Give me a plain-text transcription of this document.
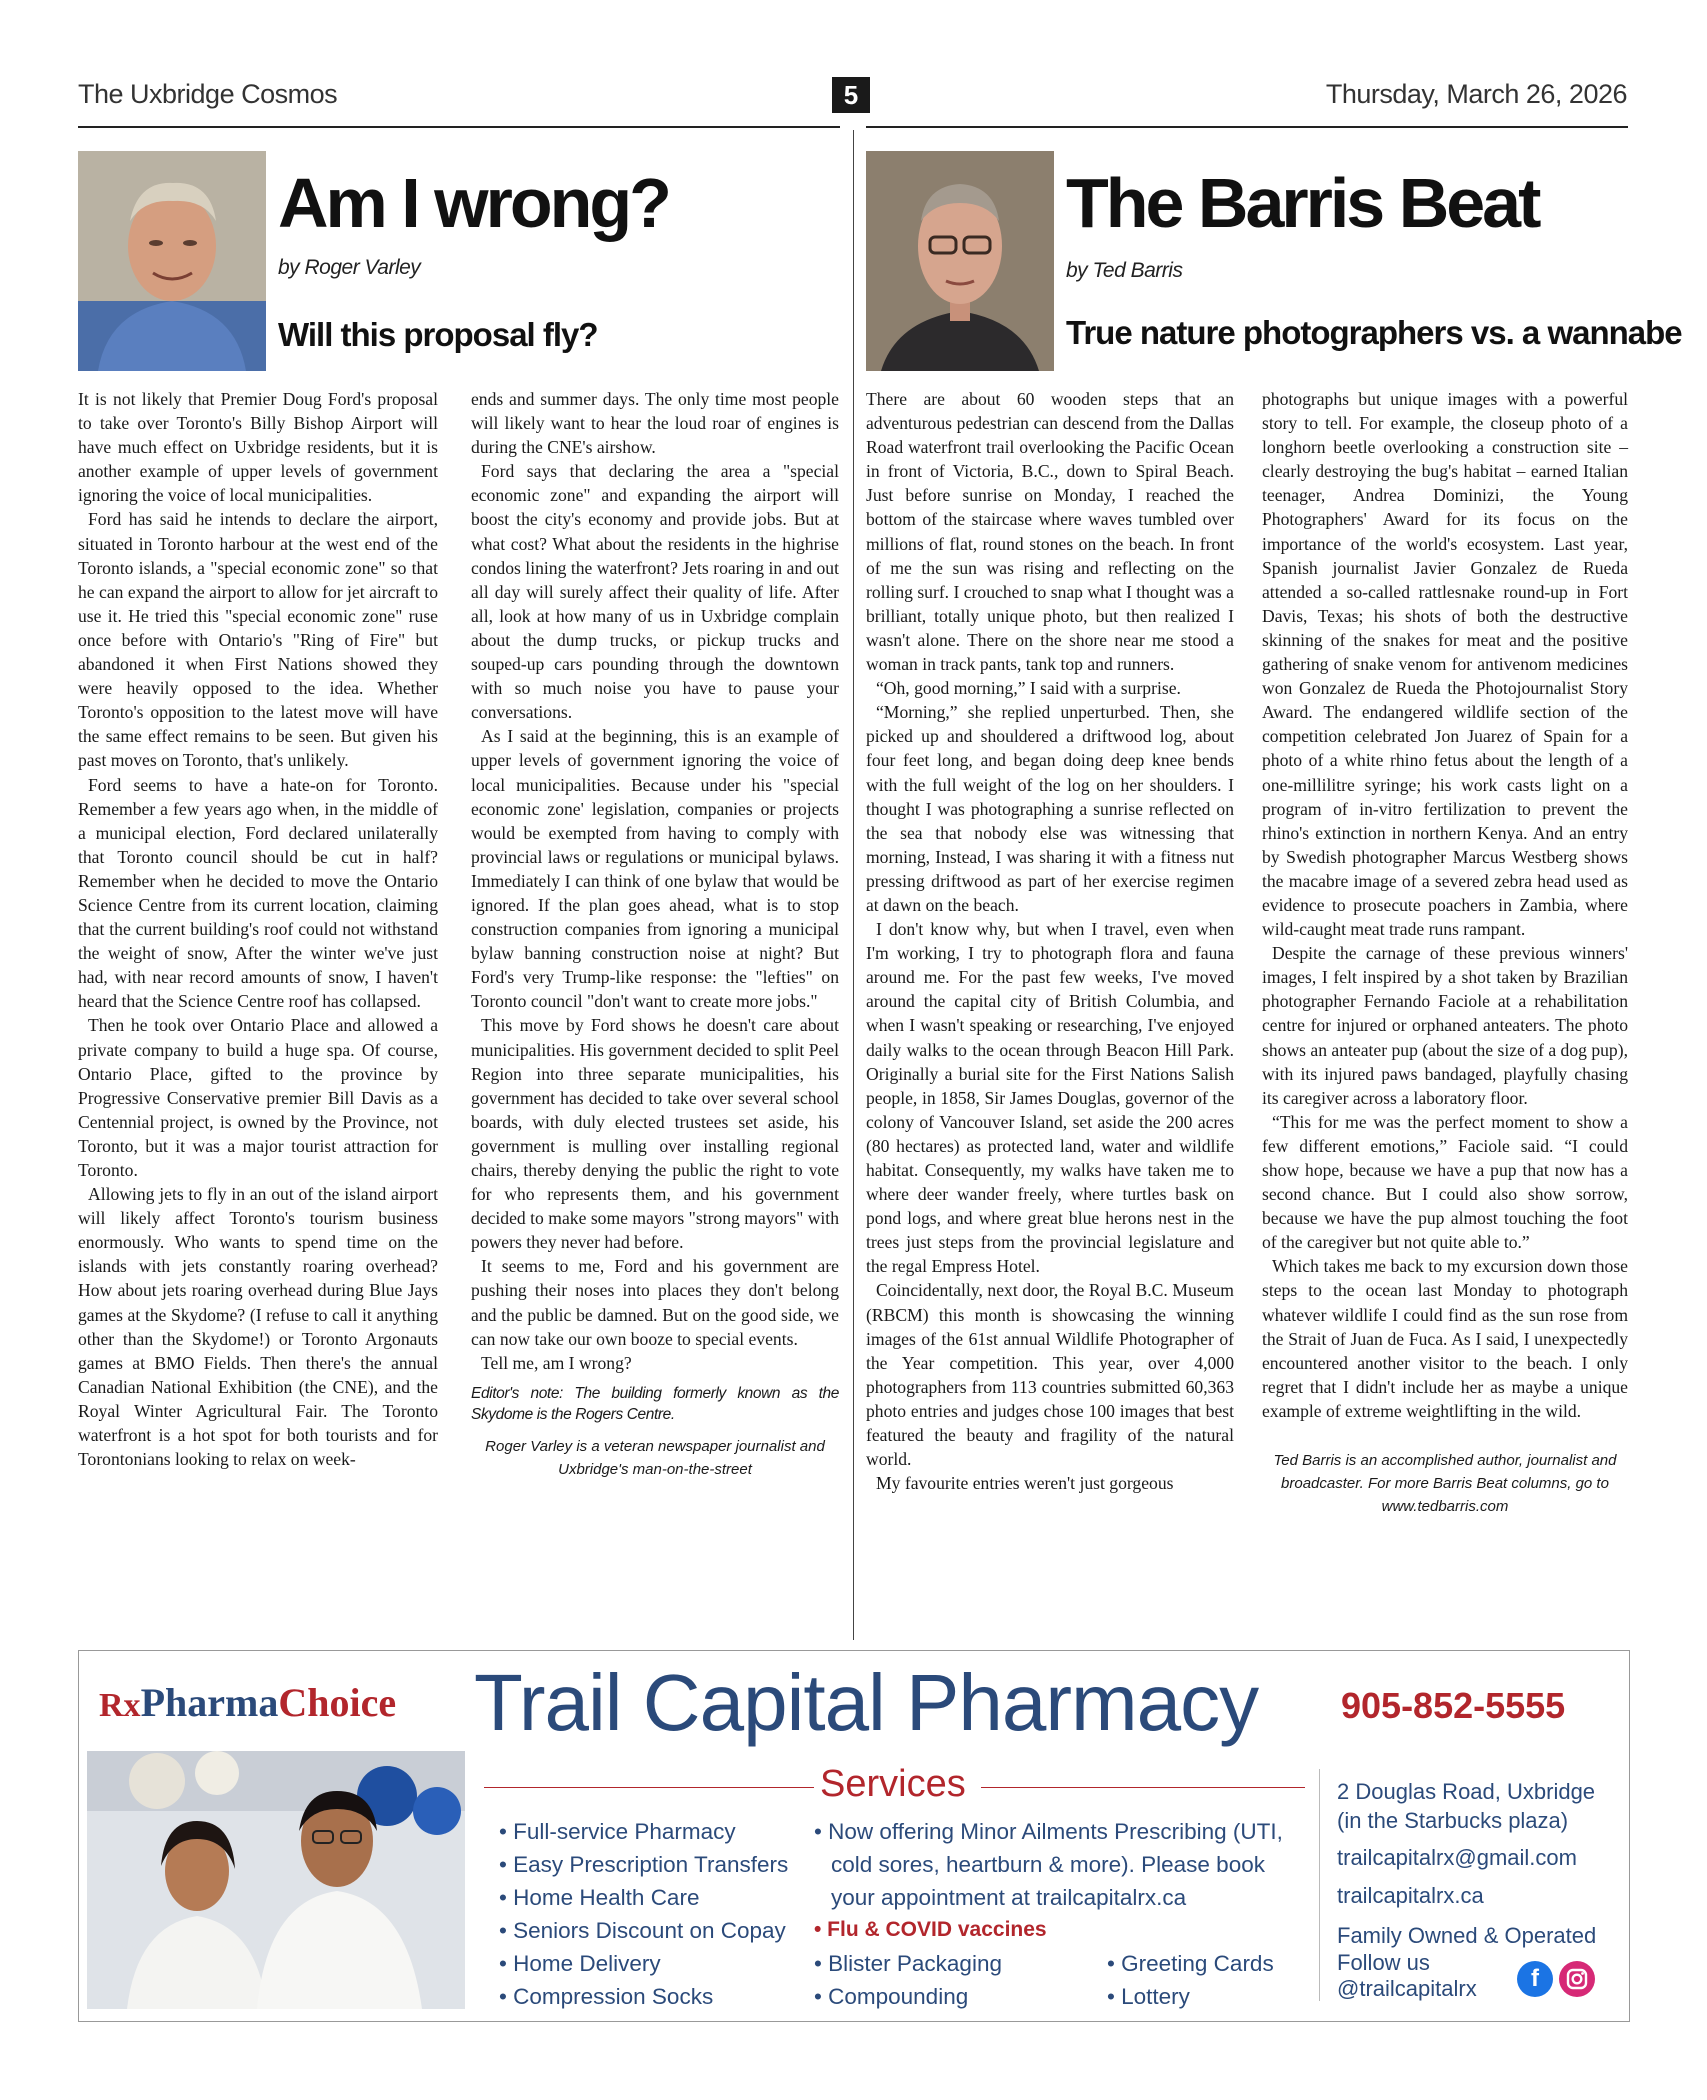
The Uxbridge Cosmos	5	Thursday, March 26, 2026
Am I wrong?
by Roger Varley
Will this proposal fly?

It is not likely that Premier Doug Ford's proposal to take over Toronto's Billy Bishop Airport will have much effect on Uxbridge residents, but it is another example of upper levels of government ignoring the voice of local municipalities.

Ford has said he intends to declare the airport, situated in Toronto harbour at the west end of the Toronto islands, a "special economic zone" so that he can expand the airport to allow for jet aircraft to use it. He tried this "special economic zone" ruse once before with Ontario's "Ring of Fire" but abandoned it when First Nations showed they were heavily opposed to the idea. Whether Toronto's opposition to the latest move will have the same effect remains to be seen. But given his past moves on Toronto, that's unlikely.

Ford seems to have a hate-on for Toronto. Remember a few years ago when, in the middle of a municipal election, Ford declared unilaterally that Toronto council should be cut in half? Remember when he decided to move the Ontario Science Centre from its current location, claiming that the current building's roof could not withstand the weight of snow, After the winter we've just had, with near record amounts of snow, I haven't heard that the Science Centre roof has collapsed.

Then he took over Ontario Place and allowed a private company to build a huge spa. Of course, Ontario Place, gifted to the province by Progressive Conservative premier Bill Davis as a Centennial project, is owned by the Province, not Toronto, but it was a major tourist attraction for Toronto.

Allowing jets to fly in an out of the island airport will likely affect Toronto's tourism business enormously. Who wants to spend time on the islands with jets constantly roaring overhead? How about jets roaring overhead during Blue Jays games at the Skydome? (I refuse to call it anything other than the Skydome!) or Toronto Argonauts games at BMO Fields. Then there's the annual Canadian National Exhibition (the CNE), and the Royal Winter Agricultural Fair. The Toronto waterfront is a hot spot for both tourists and for Torontonians looking to relax on week-

ends and summer days. The only time most people will likely want to hear the loud roar of engines is during the CNE's airshow.

Ford says that declaring the area a "special economic zone" and expanding the airport will boost the city's economy and provide jobs. But at what cost? What about the residents in the highrise condos lining the waterfront? Jets roaring in and out all day will surely affect their quality of life. After all, look at how many of us in Uxbridge complain about the dump trucks, or pickup trucks and souped-up cars pounding through the downtown with so much noise you have to pause your conversations.

As I said at the beginning, this is an example of upper levels of government ignoring the voice of local municipalities. Because under his "special economic zone' legislation, companies or projects would be exempted from having to comply with provincial laws or regulations or municipal bylaws. Immediately I can think of one bylaw that would be ignored. If the plan goes ahead, what is to stop construction companies from ignoring a municipal bylaw banning construction noise at night? But Ford's very Trump-like response: the "lefties" on Toronto council "don't want to create more jobs."

This move by Ford shows he doesn't care about municipalities. His government decided to split Peel Region into three separate municipalities, his government has decided to take over several school boards, with duly elected trustees set aside, his government is mulling over installing regional chairs, thereby denying the public the right to vote for who represents them, and his government decided to make some mayors "strong mayors" with powers they never had before.

It seems to me, Ford and his government are pushing their noses into places they don't belong and the public be damned. But on the good side, we can now take our own booze to special events.

Tell me, am I wrong?

Editor's note: The building formerly known as the Skydome is the Rogers Centre.
Roger Varley is a veteran newspaper journalist and Uxbridge's man-on-the-street
The Barris Beat
by Ted Barris
True nature photographers vs. a wannabe

There are about 60 wooden steps that an adventurous pedestrian can descend from the Dallas Road waterfront trail overlooking the Pacific Ocean in front of Victoria, B.C., down to Spiral Beach. Just before sunrise on Monday, I reached the bottom of the staircase where waves tumbled over millions of flat, round stones on the beach. In front of me the sun was rising and reflecting on the rolling surf. I crouched to snap what I thought was a brilliant, totally unique photo, but then realized I wasn't alone. There on the shore near me stood a woman in track pants, tank top and runners.

“Oh, good morning,” I said with a surprise.

“Morning,” she replied unperturbed. Then, she picked up and shouldered a driftwood log, about four feet long, and began doing deep knee bends with the full weight of the log on her shoulders. I thought I was photographing a sunrise reflected on the sea that nobody else was witnessing that morning, Instead, I was sharing it with a fitness nut pressing driftwood as part of her exercise regimen at dawn on the beach.

I don't know why, but when I travel, even when I'm working, I try to photograph flora and fauna around me. For the past few weeks, I've moved around the capital city of British Columbia, and when I wasn't speaking or researching, I've enjoyed daily walks to the ocean through Beacon Hill Park. Originally a burial site for the First Nations Salish people, in 1858, Sir James Douglas, governor of the colony of Vancouver Island, set aside the 200 acres (80 hectares) as protected land, water and wildlife habitat. Consequently, my walks have taken me to where deer wander freely, where turtles bask on pond logs, and where great blue herons nest in the trees just steps from the provincial legislature and the regal Empress Hotel.

Coincidentally, next door, the Royal B.C. Museum (RBCM) this month is showcasing the winning images of the 61st annual Wildlife Photographer of the Year competition. This year, over 4,000 photographers from 113 countries submitted 60,363 photo entries and judges chose 100 images that best featured the beauty and fragility of the natural world.

My favourite entries weren't just gorgeous

photographs but unique images with a powerful story to tell. For example, the closeup photo of a longhorn beetle overlooking a construction site – clearly destroying the bug's habitat – earned Italian teenager, Andrea Dominizi, the Young Photographers' Award for its focus on the importance of the world's ecosystem. Last year, Spanish journalist Javier Gonzalez de Rueda attended a so-called rattlesnake round-up in Fort Davis, Texas; his shots of both the destructive skinning of the snakes for meat and the positive gathering of snake venom for antivenom medicines won Gonzalez de Rueda the Photojournalist Story Award. The endangered wildlife section of the competition celebrated Jon Juarez of Spain for a photo of a white rhino fetus about the length of a one-millilitre syringe; his work casts light on a program of in-vitro fertilization to prevent the rhino's extinction in northern Kenya. And an entry by Swedish photographer Marcus Westberg shows the macabre image of a severed zebra head used as evidence to prosecute poachers in Zambia, where wild-caught meat trade runs rampant.

Despite the carnage of these previous winners' images, I felt inspired by a shot taken by Brazilian photographer Fernando Faciole at a rehabilitation centre for injured or orphaned anteaters. The photo shows an anteater pup (about the size of a dog pup), with its injured paws bandaged, playfully chasing its caregiver across a laboratory floor.

“This for me was the perfect moment to show a few different emotions,” Faciole said. “I could show hope, because we have a pup that now has a second chance. But I could also show sorrow, because we have the pup almost touching the foot of the caregiver but not quite able to.”

Which takes me back to my excursion down those steps to the ocean last Monday to photograph whatever wildlife I could find as the sun rose from the Strait of Juan de Fuca. As I said, I unexpectedly encountered another visitor to the beach. I only regret that I didn't include her as maybe a unique example of extreme weightlifting in the wild.

Ted Barris is an accomplished author, journalist and broadcaster. For more Barris Beat columns, go to www.tedbarris.com
RxPharmaChoice Trail Capital Pharmacy 905-852-5555
Services
• Full-service Pharmacy
• Easy Prescription Transfers
• Home Health Care
• Seniors Discount on Copay
• Home Delivery
• Compression Socks
• Now offering Minor Ailments Prescribing (UTI,
cold sores, heartburn & more). Please book
your appointment at trailcapitalrx.ca
• Flu & COVID vaccines
• Blister Packaging
• Compounding
• Greeting Cards
• Lottery
2 Douglas Road, Uxbridge
(in the Starbucks plaza)
trailcapitalrx@gmail.com
trailcapitalrx.ca
Family Owned & Operated
Follow us
@trailcapitalrx	f
